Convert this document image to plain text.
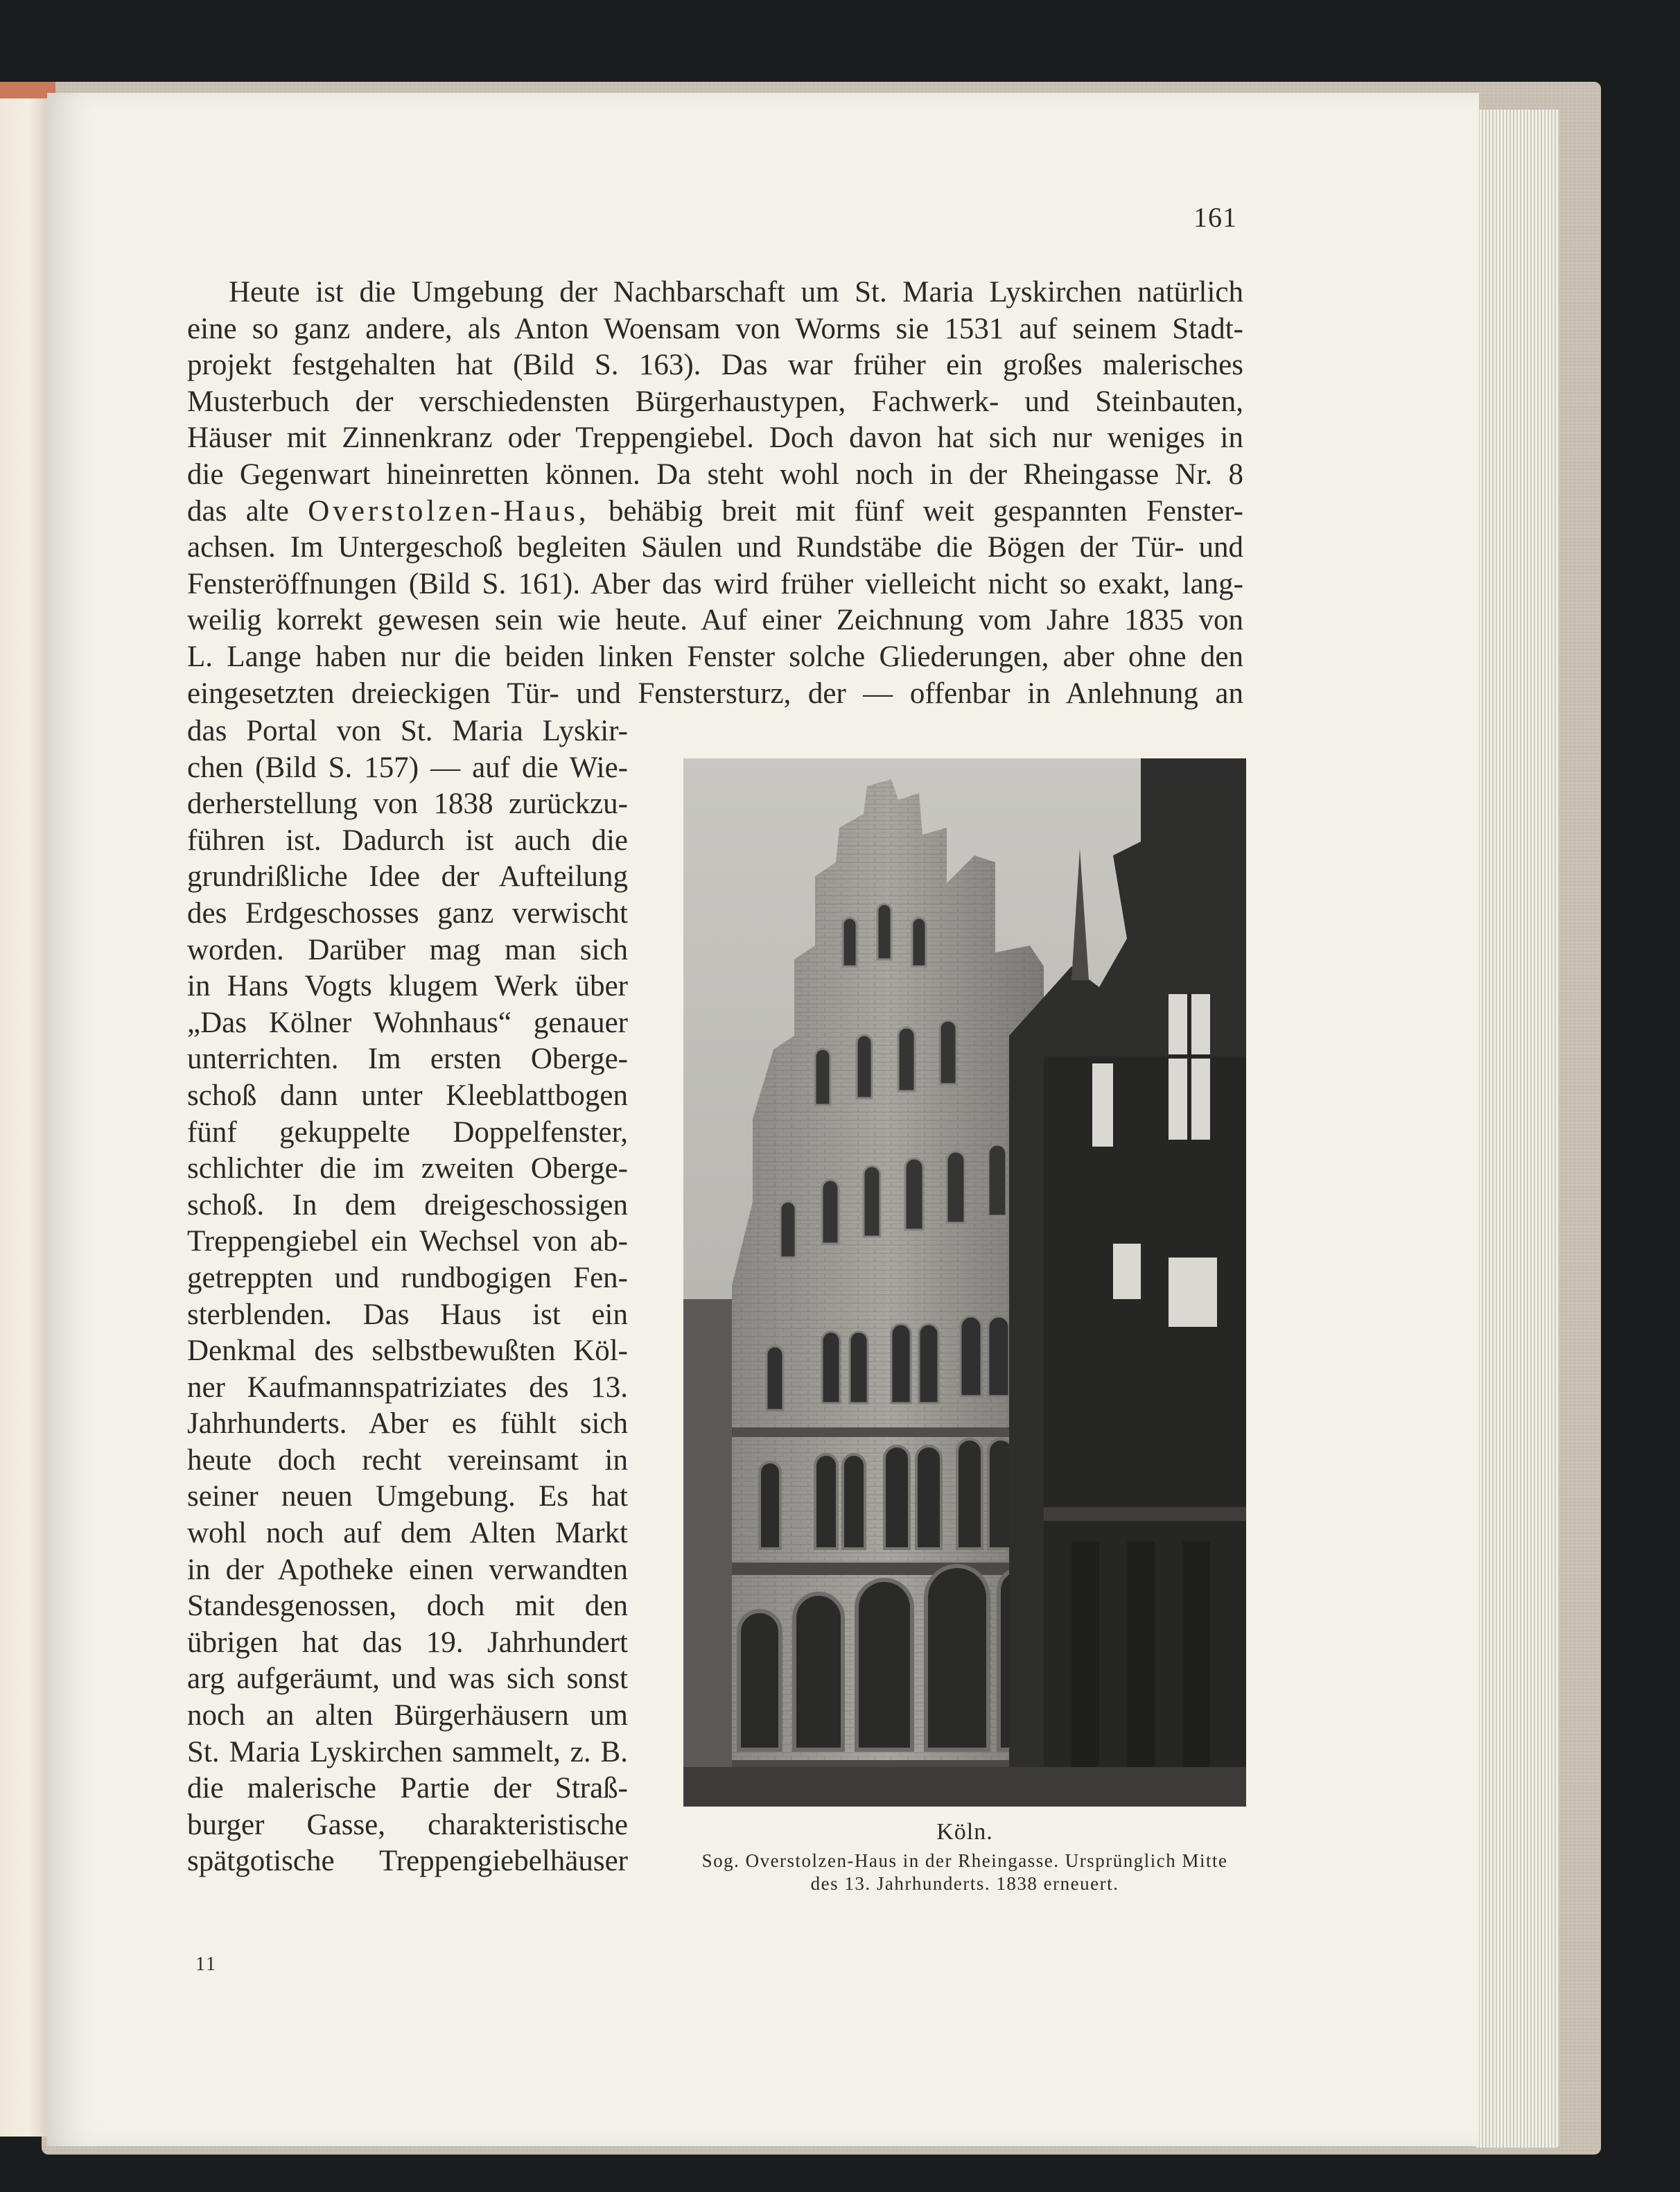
161
Heute ist die Umgebung der Nachbarschaft um St. Maria Lyskirchen natürlich
eine so ganz andere, als Anton Woensam von Worms sie 1531 auf seinem Stadt-
projekt festgehalten hat (Bild S. 163). Das war früher ein großes malerisches
Musterbuch der verschiedensten Bürgerhaustypen, Fachwerk- und Steinbauten,
Häuser mit Zinnenkranz oder Treppengiebel. Doch davon hat sich nur weniges in
die Gegenwart hineinretten können. Da steht wohl noch in der Rheingasse Nr. 8
das alte Overstolzen-Haus, behäbig breit mit fünf weit gespannten Fenster-
achsen. Im Untergeschoß begleiten Säulen und Rundstäbe die Bögen der Tür- und
Fensteröffnungen (Bild S. 161). Aber das wird früher vielleicht nicht so exakt, lang-
weilig korrekt gewesen sein wie heute. Auf einer Zeichnung vom Jahre 1835 von
L. Lange haben nur die beiden linken Fenster solche Gliederungen, aber ohne den
eingesetzten dreieckigen Tür- und Fenstersturz, der — offenbar in Anlehnung an
das Portal von St. Maria Lyskir-
chen (Bild S. 157) — auf die Wie-
derherstellung von 1838 zurückzu-
führen ist. Dadurch ist auch die
grundrißliche Idee der Aufteilung
des Erdgeschosses ganz verwischt
worden. Darüber mag man sich
in Hans Vogts klugem Werk über
„Das Kölner Wohnhaus“ genauer
unterrichten. Im ersten Oberge-
schoß dann unter Kleeblattbogen
fünf gekuppelte Doppelfenster,
schlichter die im zweiten Oberge-
schoß. In dem dreigeschossigen
Treppengiebel ein Wechsel von ab-
getreppten und rundbogigen Fen-
sterblenden. Das Haus ist ein
Denkmal des selbstbewußten Köl-
ner Kaufmannspatriziates des 13.
Jahrhunderts. Aber es fühlt sich
heute doch recht vereinsamt in
seiner neuen Umgebung. Es hat
wohl noch auf dem Alten Markt
in der Apotheke einen verwandten
Standesgenossen, doch mit den
übrigen hat das 19. Jahrhundert
arg aufgeräumt, und was sich sonst
noch an alten Bürgerhäusern um
St. Maria Lyskirchen sammelt, z. B.
die malerische Partie der Straß-
burger Gasse, charakteristische
spätgotische Treppengiebelhäuser
Köln.
Sog. Overstolzen-Haus in der Rheingasse. Ursprünglich Mitte
des 13. Jahrhunderts. 1838 erneuert.
11
